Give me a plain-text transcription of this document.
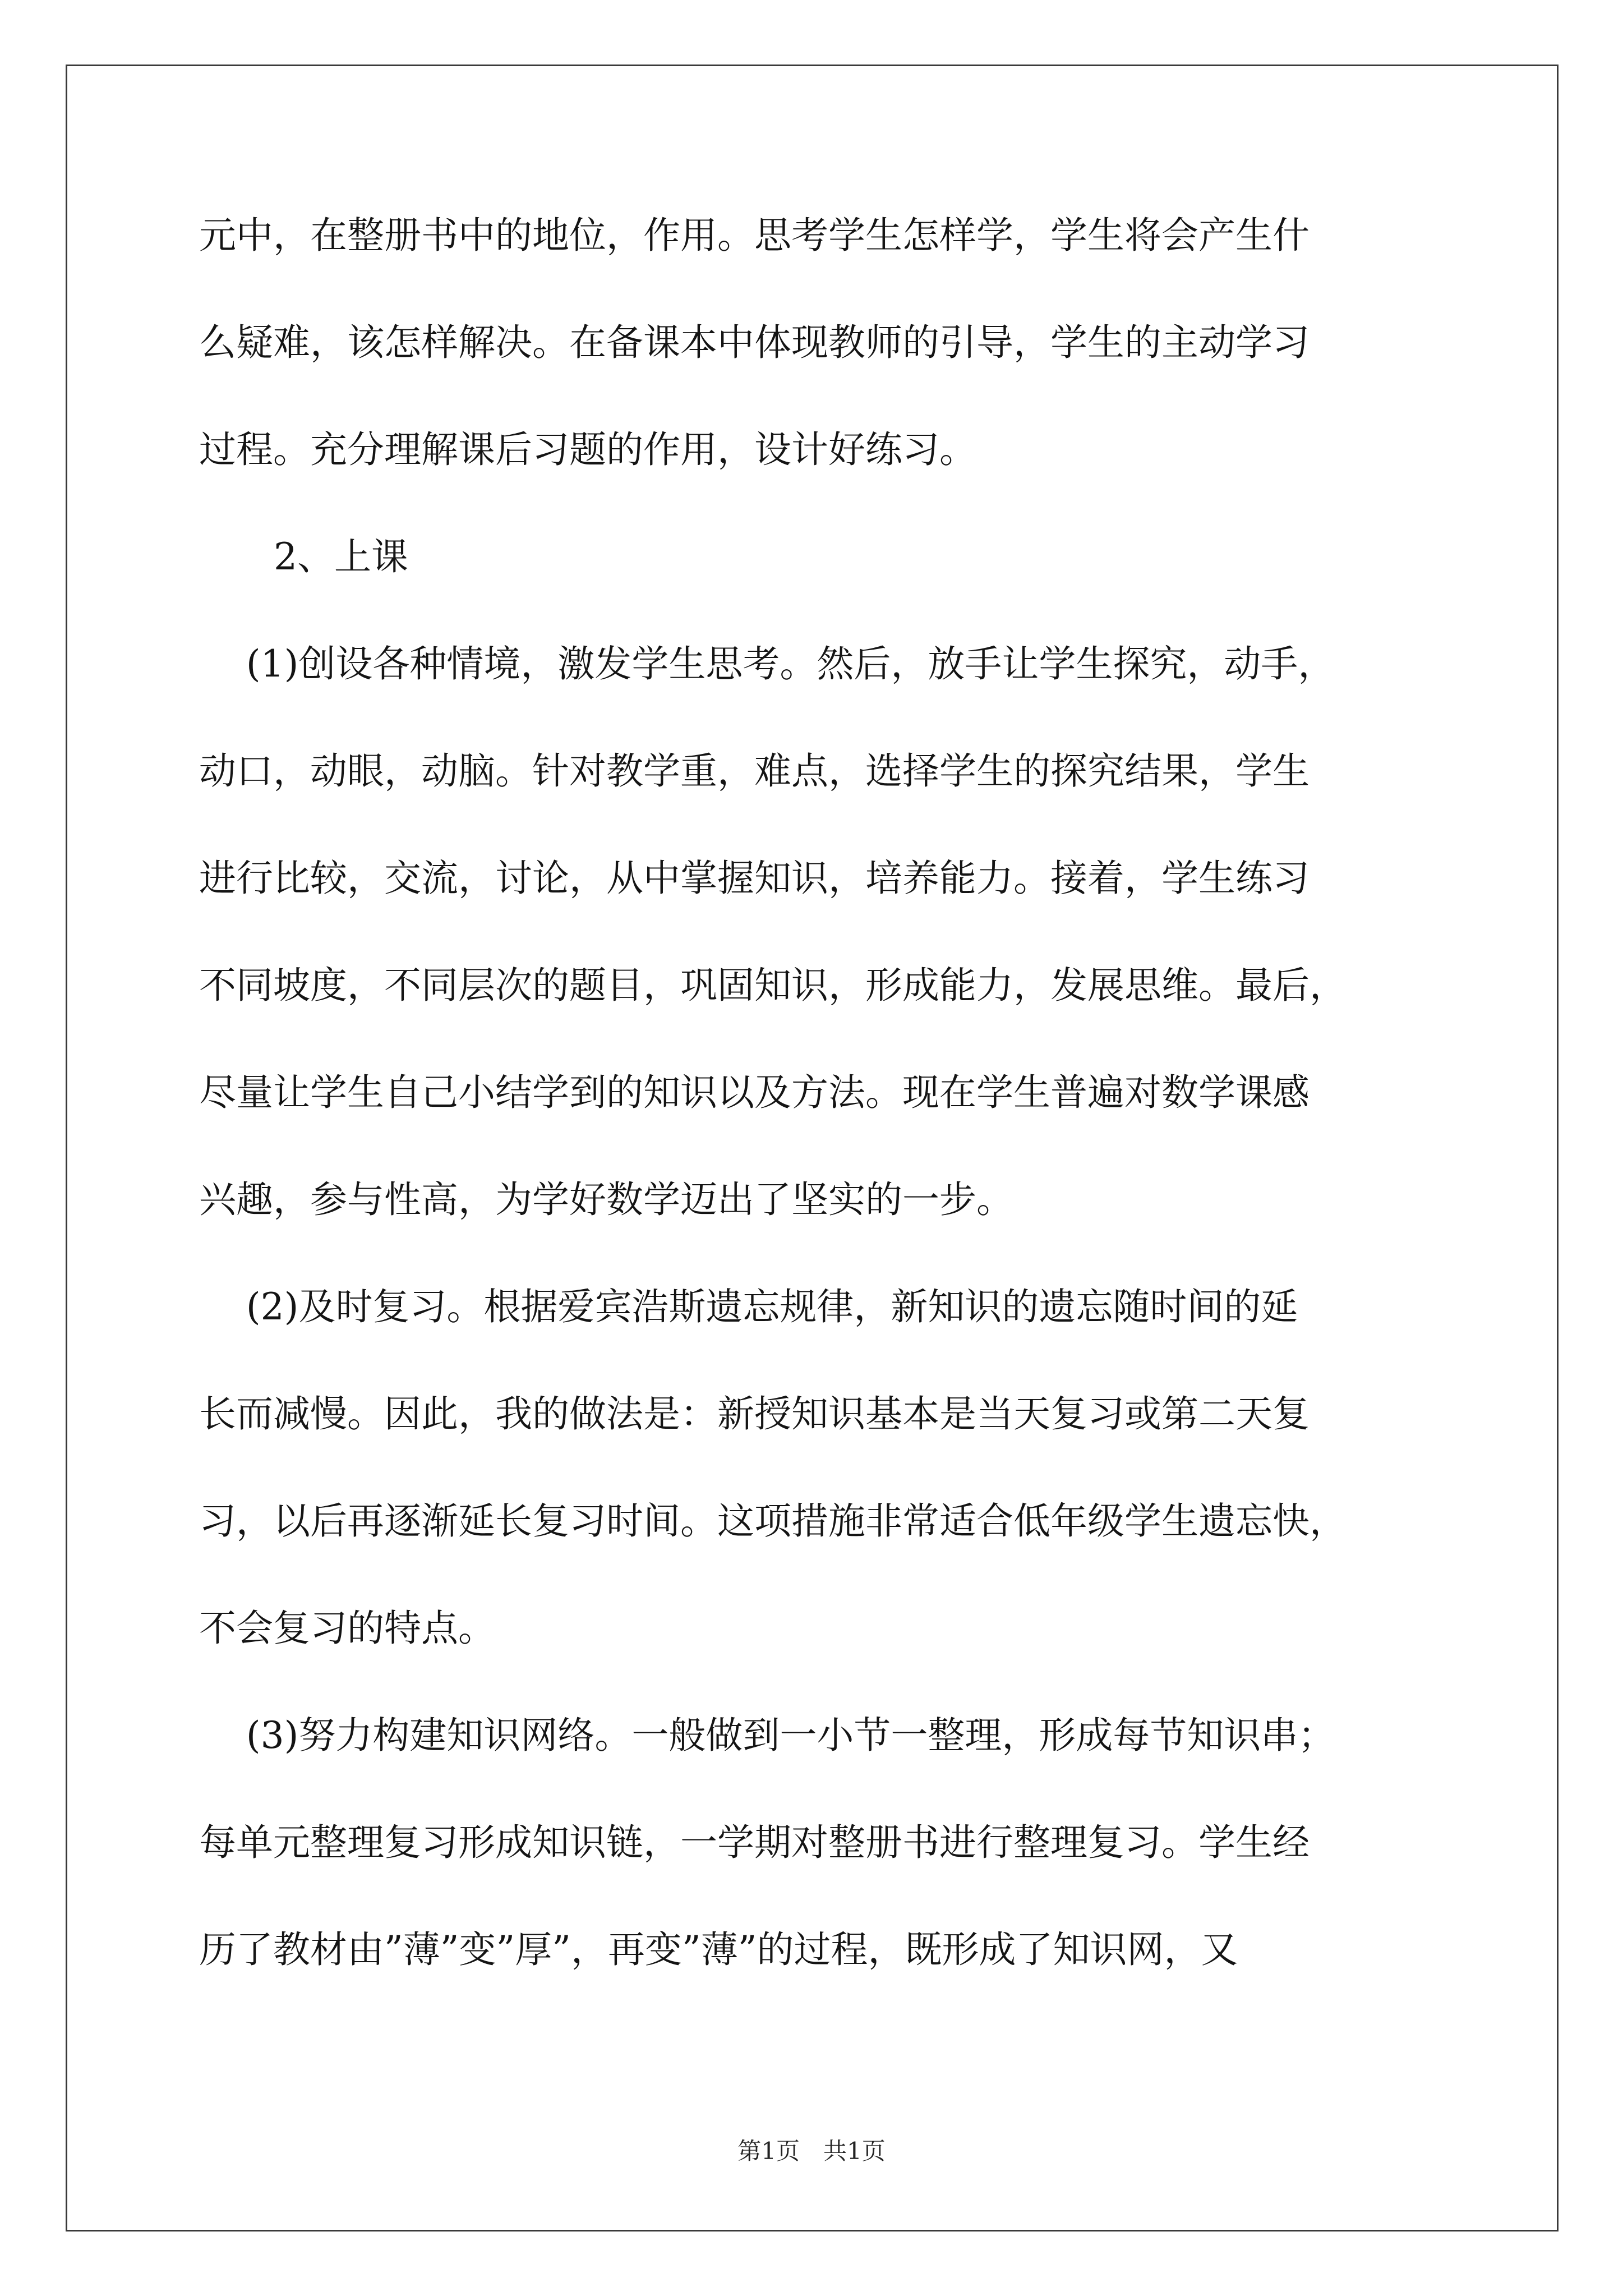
元中，在整册书中的地位，作用。思考学生怎样学，学生将会产生什
么疑难，该怎样解决。在备课本中体现教师的引导，学生的主动学习
过程。充分理解课后习题的作用，设计好练习。
2、上课
(1)创设各种情境，激发学生思考。然后，放手让学生探究，动手，
动口，动眼，动脑。针对教学重，难点，选择学生的探究结果，学生
进行比较，交流，讨论，从中掌握知识，培养能力。接着，学生练习
不同坡度，不同层次的题目，巩固知识，形成能力，发展思维。最后，
尽量让学生自己小结学到的知识以及方法。现在学生普遍对数学课感
兴趣，参与性高，为学好数学迈出了坚实的一步。
(2)及时复习。根据爱宾浩斯遗忘规律，新知识的遗忘随时间的延
长而减慢。因此，我的做法是：新授知识基本是当天复习或第二天复
习，以后再逐渐延长复习时间。这项措施非常适合低年级学生遗忘快，
不会复习的特点。
(3)努力构建知识网络。一般做到一小节一整理，形成每节知识串；
每单元整理复习形成知识链，一学期对整册书进行整理复习。学生经
历了教材由”薄”变”厚”，再变”薄”的过程，既形成了知识网，又
第1页　共1页
